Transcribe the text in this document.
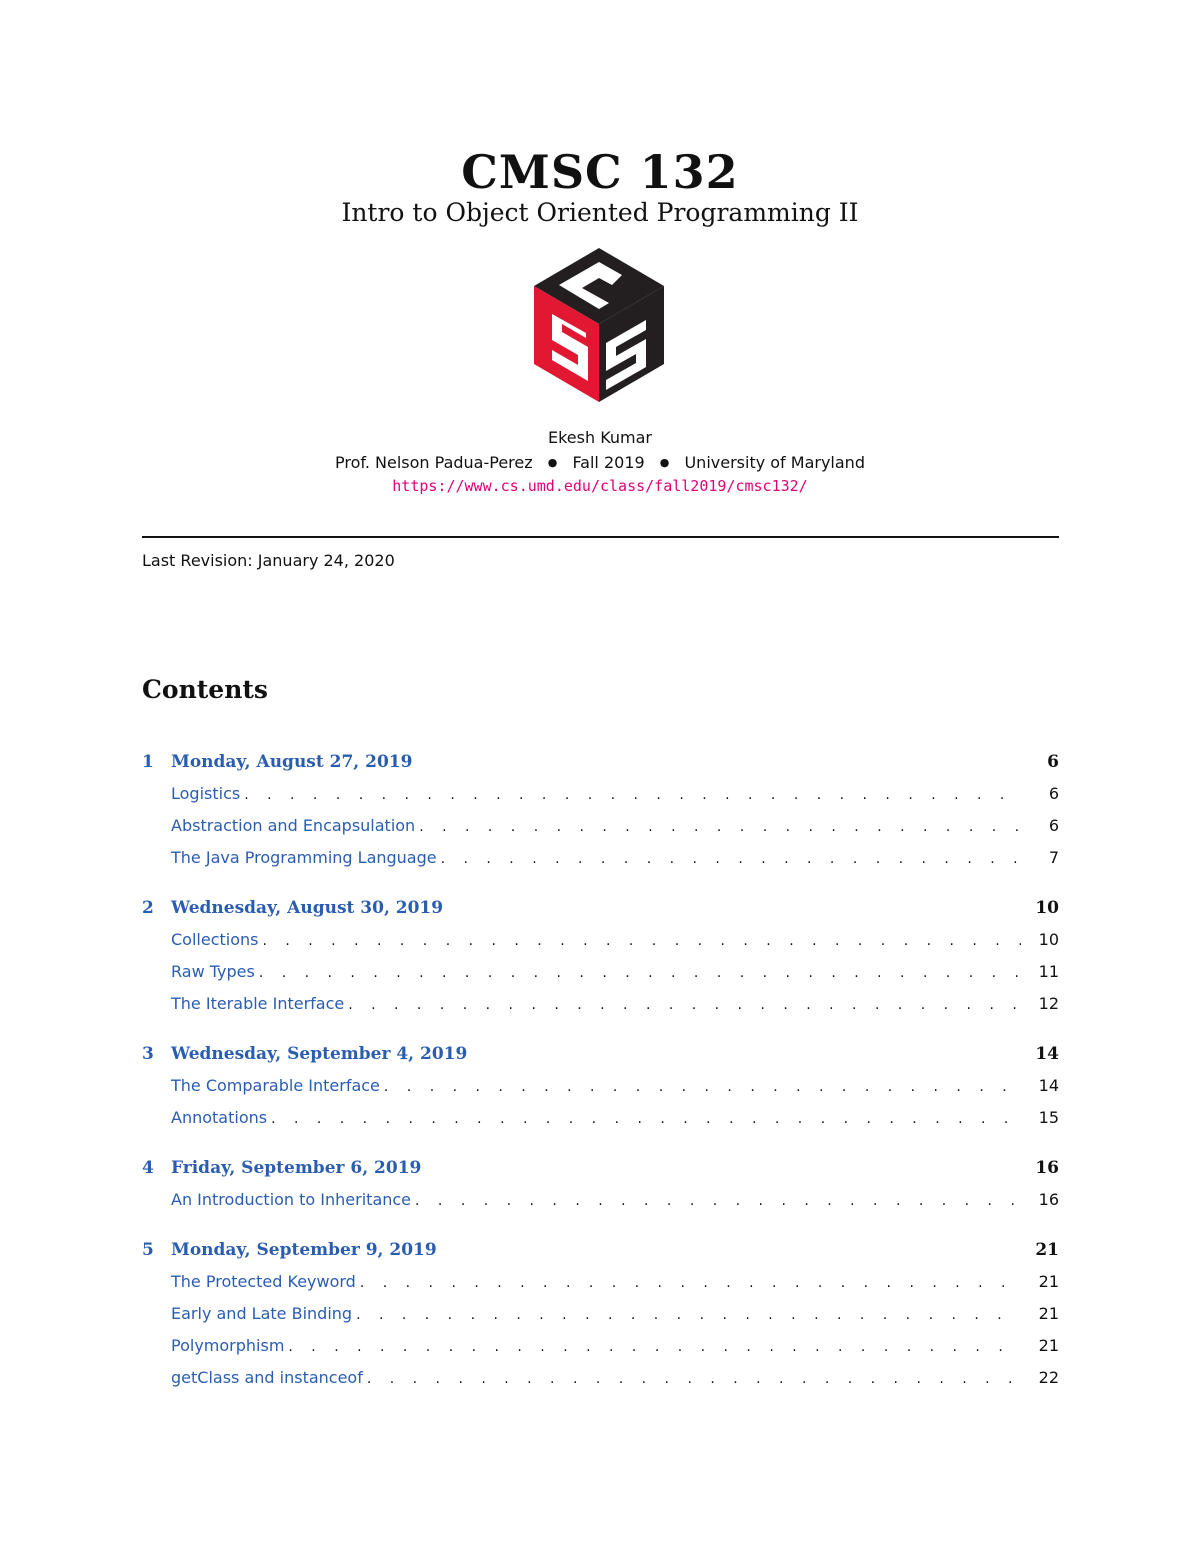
CMSC 132
Intro to Object Oriented Programming II
Ekesh Kumar
Prof. Nelson Padua-Perez ● Fall 2019 ● University of Maryland
https://www.cs.umd.edu/class/fall2019/cmsc132/
Last Revision: January 24, 2020
Contents
1	Monday, August 27, 2019	6
Logistics . . .	6
Abstraction and Encapsulation . . .	6
The Java Programming Language . . .	7
2	Wednesday, August 30, 2019	10
Collections . . .	10
Raw Types . . .	11
The Iterable Interface . . .	12
3	Wednesday, September 4, 2019	14
The Comparable Interface . . .	14
Annotations . . .	15
4	Friday, September 6, 2019	16
An Introduction to Inheritance . . .	16
5	Monday, September 9, 2019	21
The Protected Keyword . . .	21
Early and Late Binding . . .	21
Polymorphism . . .	21
getClass and instanceof . . .	22
